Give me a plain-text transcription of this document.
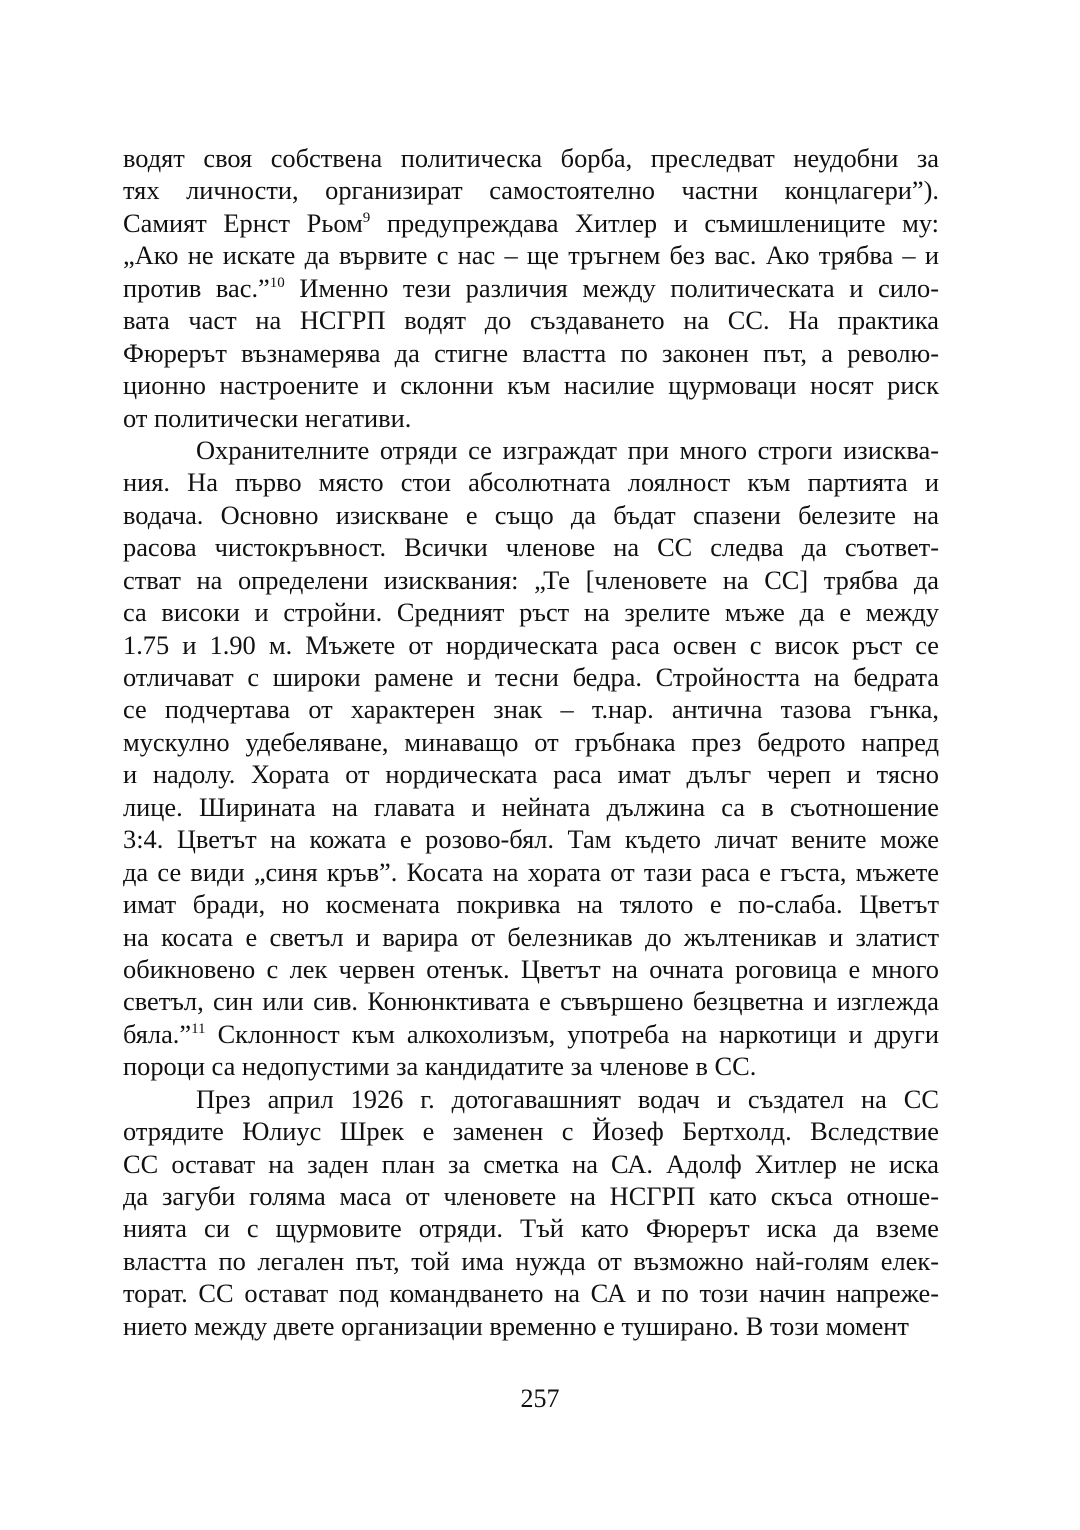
водят своя собствена политическа борба, преследват неудобни за
тях личности, организират самостоятелно частни концлагери”).
Самият Ернст Рьом$^9$ предупреждава Хитлер и съмишлениците му:
„Ако не искате да вървите с нас – ще тръгнем без вас. Ако трябва – и
против вас.”$^{10}$ Именно тези различия между политическата и сило-
вата част на НСГРП водят до създаването на СС. На практика
Фюрерът възнамерява да стигне властта по законен път, а револю-
ционно настроените и склонни към насилие щурмоваци носят риск
от политически негативи.
Охранителните отряди се изграждат при много строги изисква-
ния. На първо място стои абсолютната лоялност към партията и
водача. Основно изискване е също да бъдат спазени белезите на
расова чистокръвност. Всички членове на СС следва да съответ-
стват на определени изисквания: „Те [членовете на СС] трябва да
са високи и стройни. Средният ръст на зрелите мъже да е между
1.75 и 1.90 м. Мъжете от нордическата раса освен с висок ръст се
отличават с широки рамене и тесни бедра. Стройността на бедрата
се подчертава от характерен знак – т.нар. антична тазова гънка,
мускулно удебеляване, минаващо от гръбнака през бедрото напред
и надолу. Хората от нордическата раса имат дълъг череп и тясно
лице. Ширината на главата и нейната дължина са в съотношение
3:4. Цветът на кожата е розово-бял. Там където личат вените може
да се види „синя кръв”. Косата на хората от тази раса е гъста, мъжете
имат бради, но космената покривка на тялото е по-слаба. Цветът
на косата е светъл и варира от белезникав до жълтеникав и златист
обикновено с лек червен отенък. Цветът на очната роговица е много
светъл, син или сив. Конюнктивата е съвършено безцветна и изглежда
бяла.”$^{11}$ Склонност към алкохолизъм, употреба на наркотици и други
пороци са недопустими за кандидатите за членове в СС.
През април 1926 г. дотогавашният водач и създател на СС
отрядите Юлиус Шрек е заменен с Йозеф Бертхолд. Вследствие
СС остават на заден план за сметка на СА. Адолф Хитлер не иска
да загуби голяма маса от членовете на НСГРП като скъса отноше-
нията си с щурмовите отряди. Тъй като Фюрерът иска да вземе
властта по легален път, той има нужда от възможно най-голям елек-
торат. СС остават под командването на СА и по този начин напреже-
нието между двете организации временно е туширано. В този момент
257
